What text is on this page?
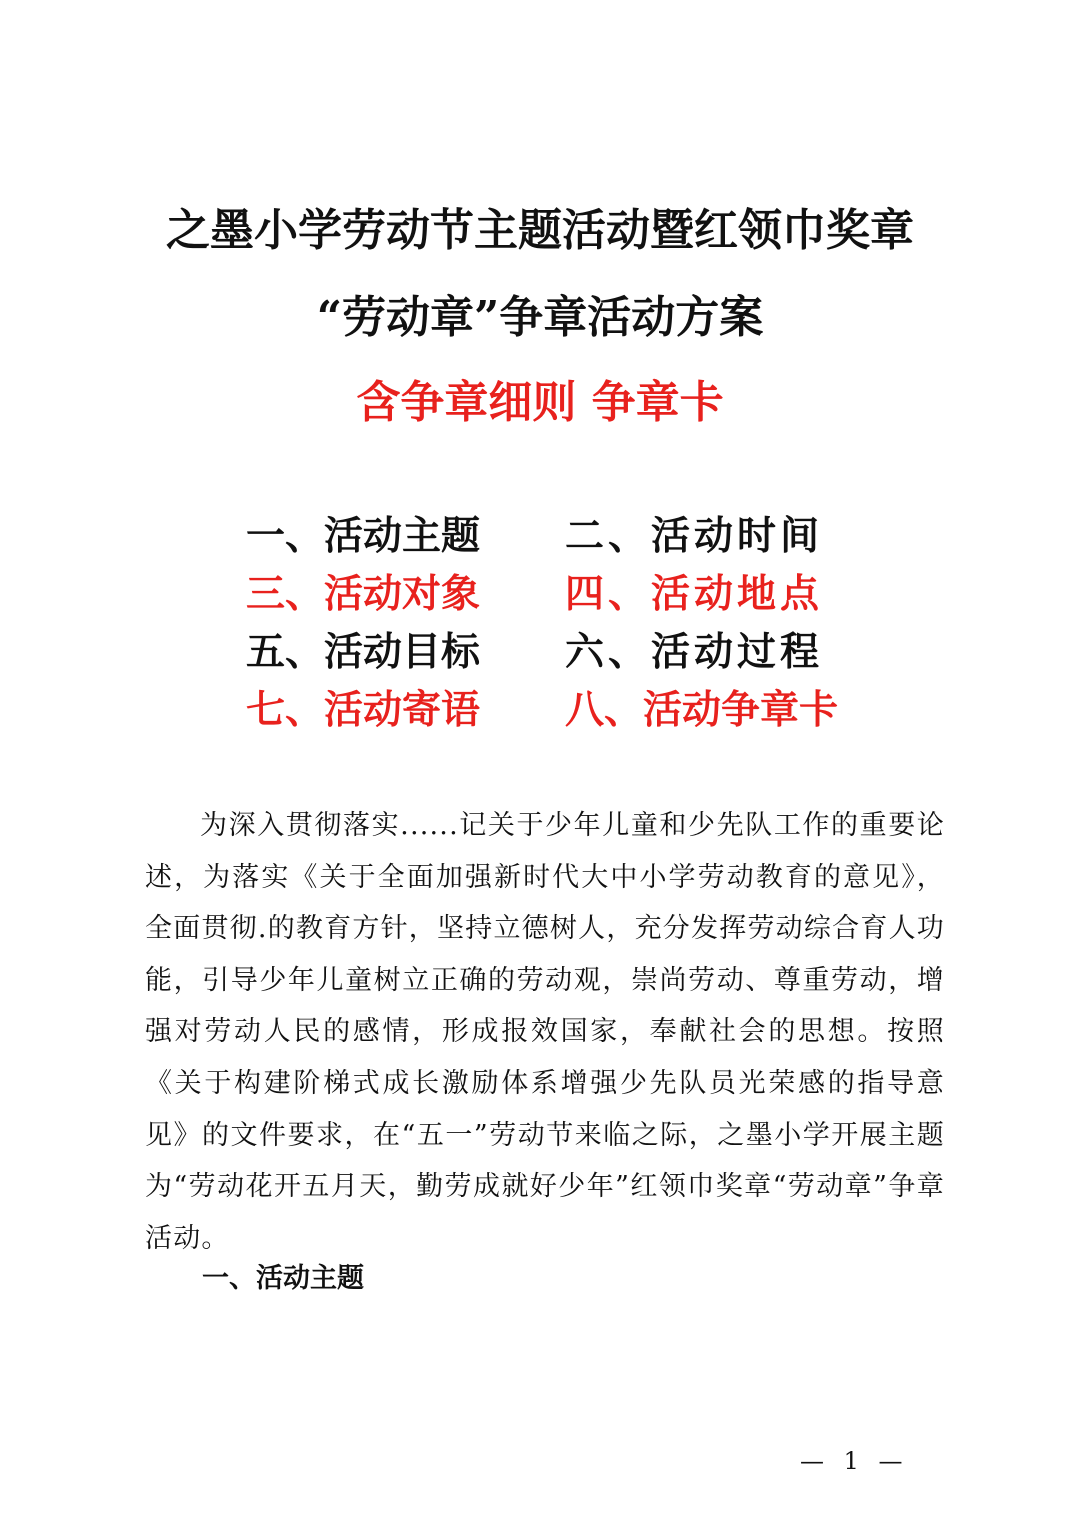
之墨小学劳动节主题活动暨红领巾奖章
“劳动章”争章活动方案
含争章细则 争章卡
一、活动主题 二、活动时间
三、活动对象 四、活动地点
五、活动目标 六、活动过程
七、活动寄语 八、活动争章卡

为深入贯彻落实......记关于少年儿童和少先队工作的重要论述，为落实《关于全面加强新时代大中小学劳动教育的意见》，全面贯彻.的教育方针，坚持立德树人，充分发挥劳动综合育人功能，引导少年儿童树立正确的劳动观，崇尚劳动、尊重劳动，增强对劳动人民的感情，形成报效国家，奉献社会的思想。按照《关于构建阶梯式成长激励体系增强少先队员光荣感的指导意见》的文件要求，在“五一”劳动节来临之际，之墨小学开展主题为“劳动花开五月天，勤劳成就好少年”红领巾奖章“劳动章”争章活动。

一、活动主题
— 1 —
